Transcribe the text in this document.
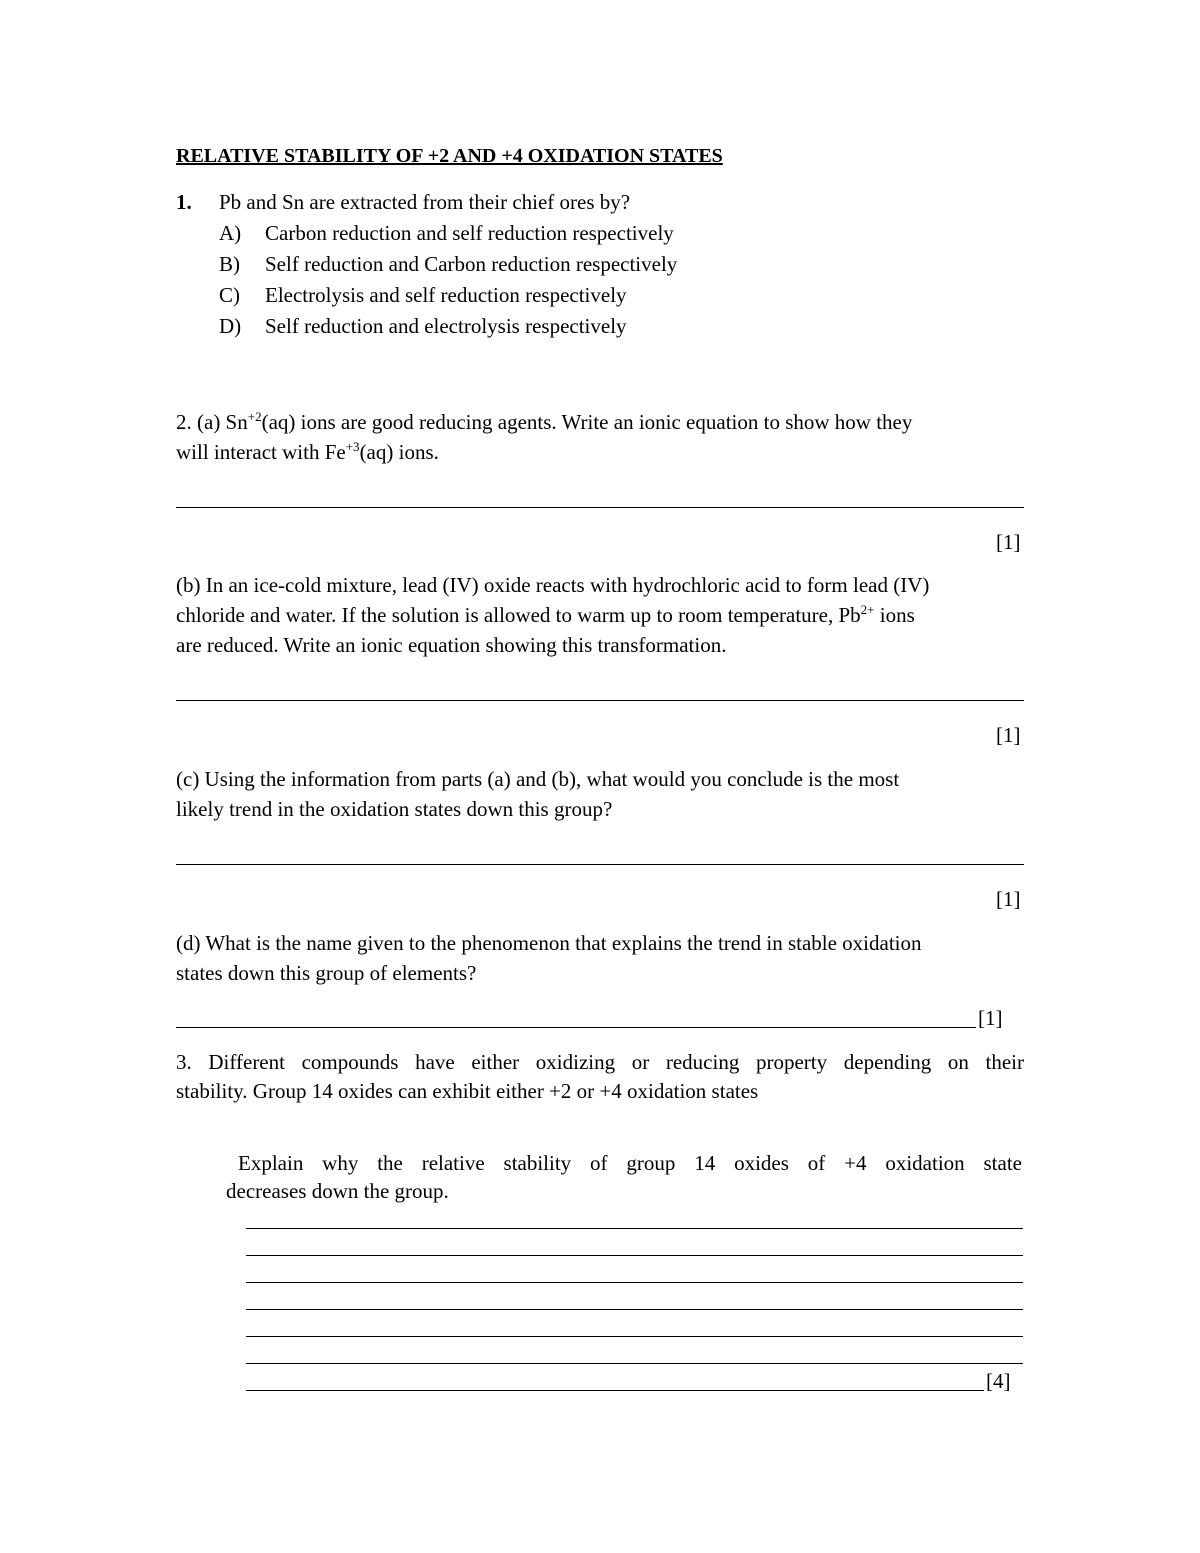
RELATIVE STABILITY OF +2 AND +4 OXIDATION STATES
1. Pb and Sn are extracted from their chief ores by?
A) Carbon reduction and self reduction respectively
B) Self reduction and Carbon reduction respectively
C) Electrolysis and self reduction respectively
D) Self reduction and electrolysis respectively
2. (a) $Sn^{+2}(aq)$ ions are good reducing agents. Write an ionic equation to show how they
will interact with $Fe^{+3}(aq)$ ions.
[1]
(b) In an ice-cold mixture, lead (IV) oxide reacts with hydrochloric acid to form lead (IV)
chloride and water. If the solution is allowed to warm up to room temperature, $Pb^{2+}$ ions
are reduced. Write an ionic equation showing this transformation.
[1]
(c) Using the information from parts (a) and (b), what would you conclude is the most
likely trend in the oxidation states down this group?
[1]
(d) What is the name given to the phenomenon that explains the trend in stable oxidation
states down this group of elements?
[1]
3. Different compounds have either oxidizing or reducing property depending on their
stability. Group 14 oxides can exhibit either +2 or +4 oxidation states
Explain why the relative stability of group 14 oxides of +4 oxidation state
decreases down the group.
[4]
